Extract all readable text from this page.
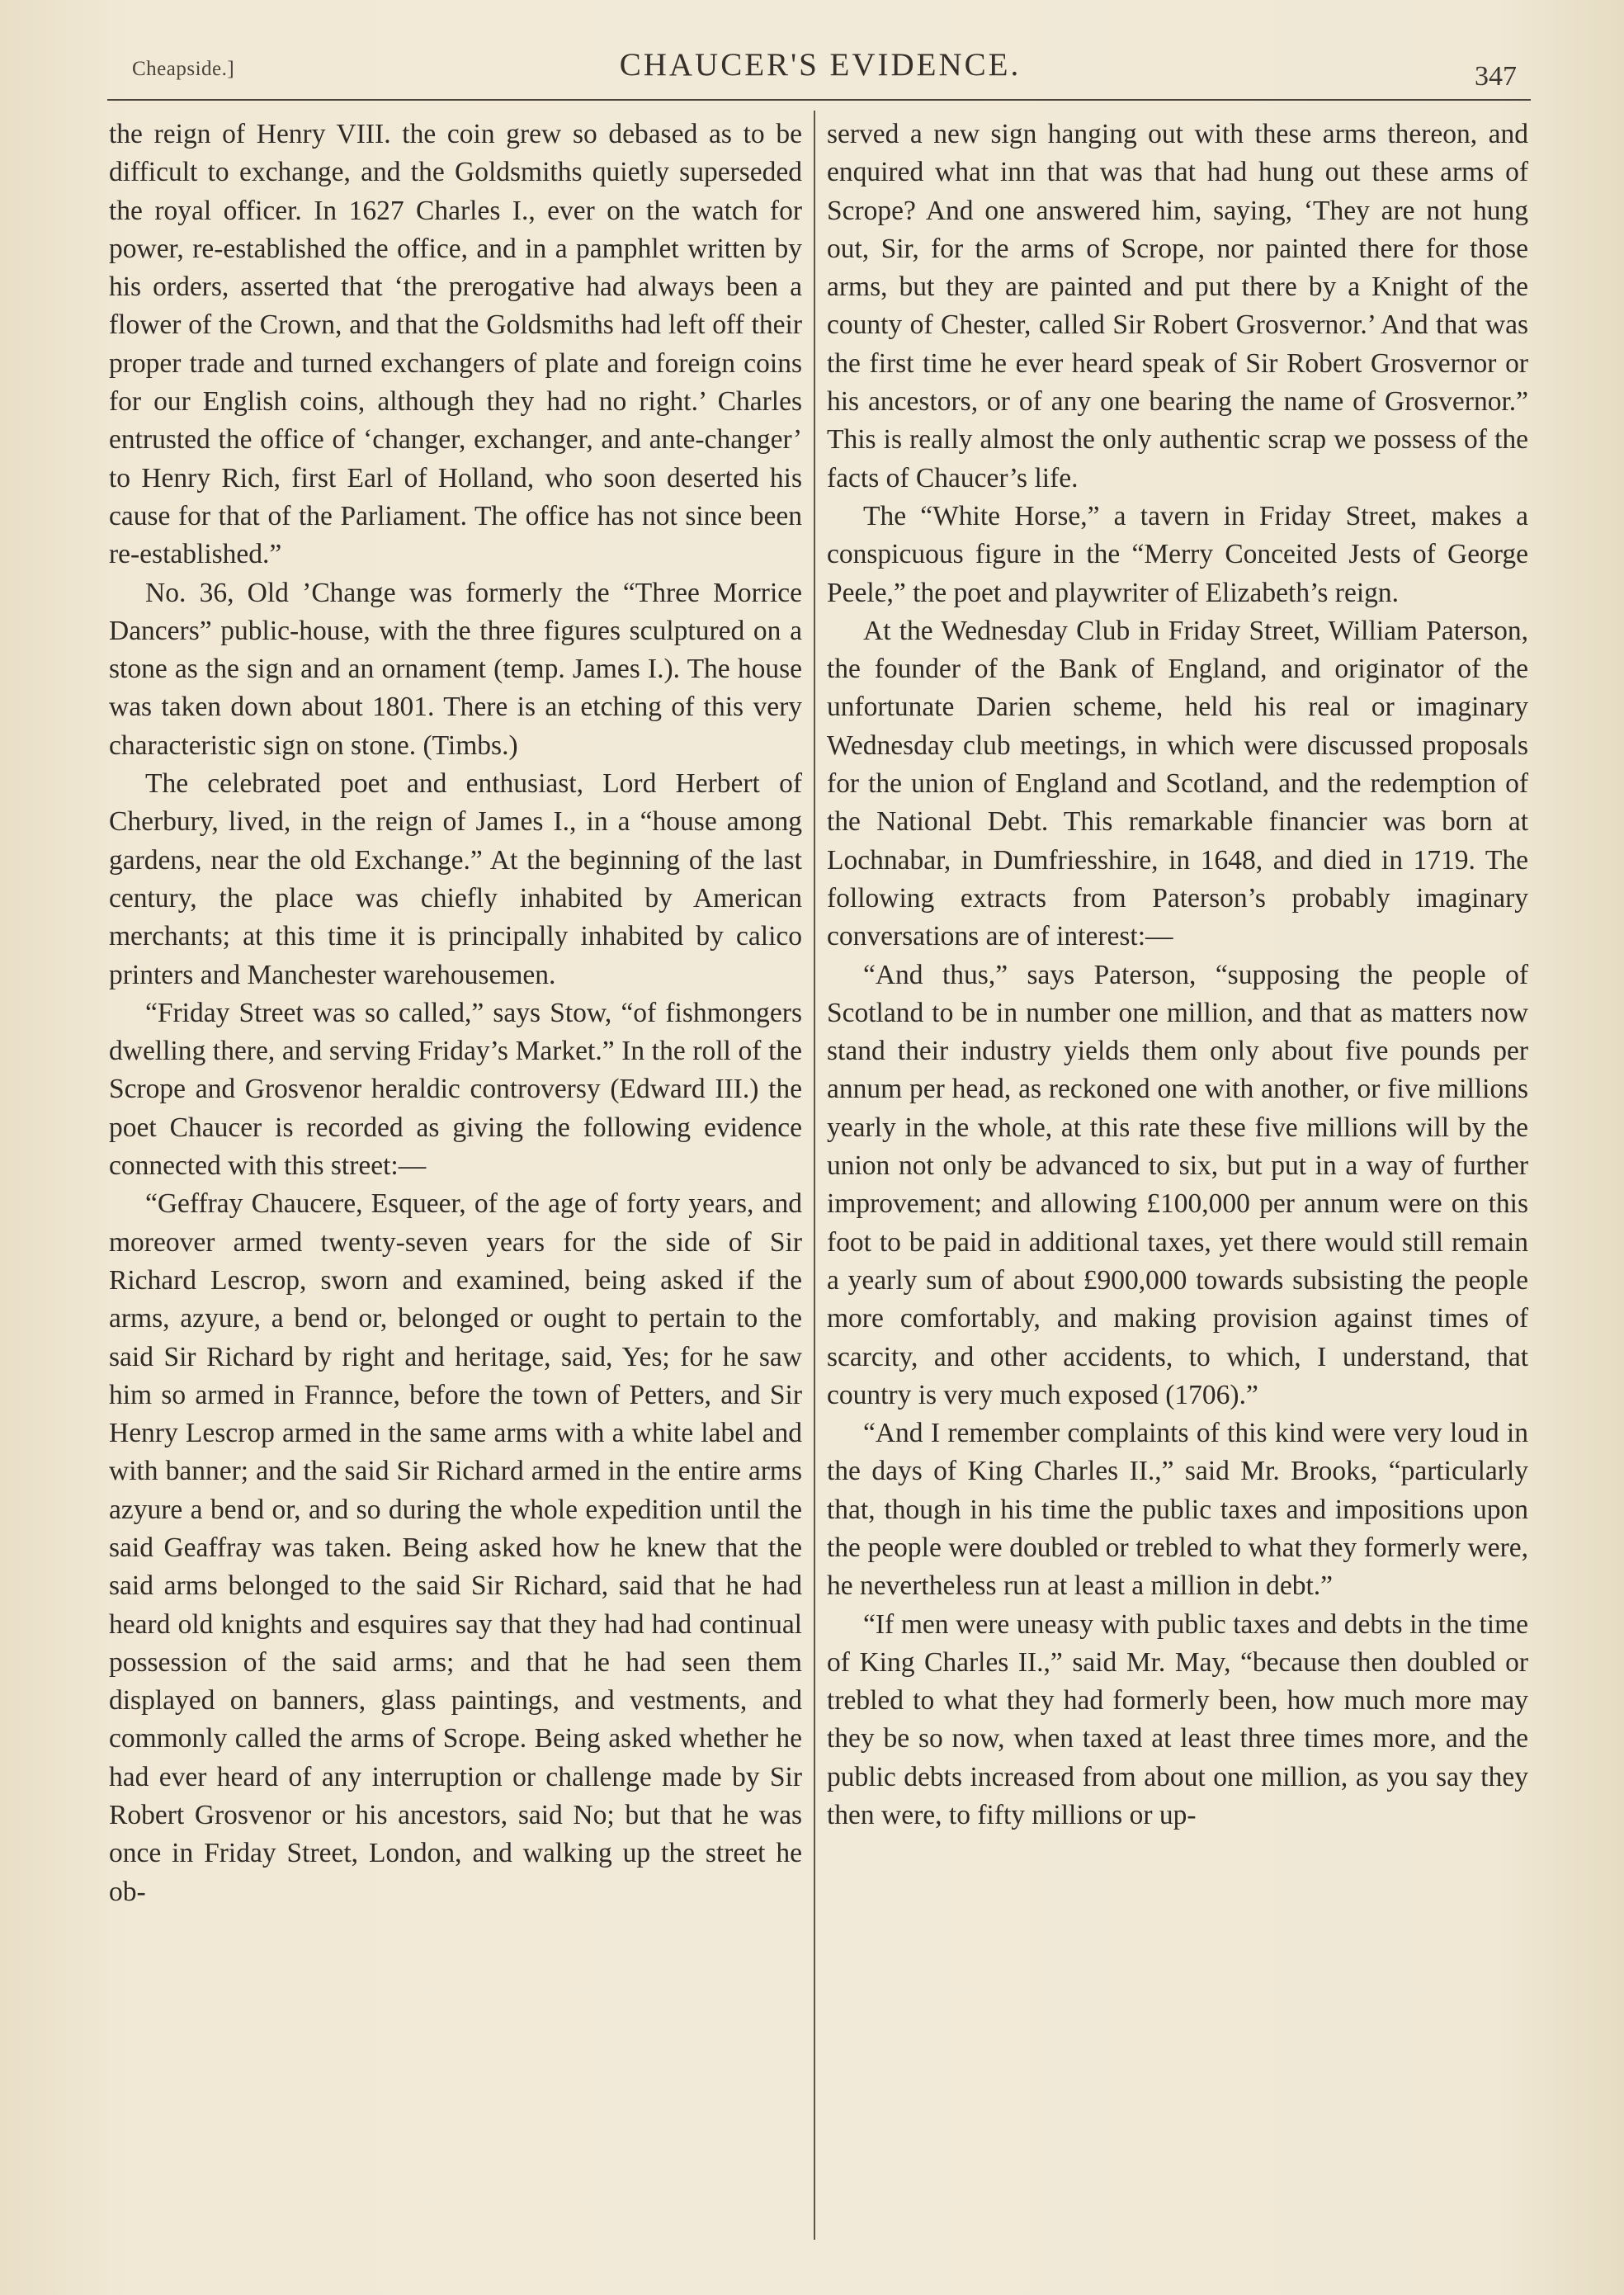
Cheapside.]	CHAUCER'S EVIDENCE.	347

the reign of Henry VIII. the coin grew so debased as to be difficult to exchange, and the Goldsmiths quietly superseded the royal officer. In 1627 Charles I., ever on the watch for power, re-established the office, and in a pamphlet written by his orders, asserted that ‘the prerogative had always been a flower of the Crown, and that the Goldsmiths had left off their proper trade and turned exchangers of plate and foreign coins for our English coins, although they had no right.’ Charles entrusted the office of ‘changer, exchanger, and ante-changer’ to Henry Rich, first Earl of Holland, who soon deserted his cause for that of the Parliament. The office has not since been re-established.”

No. 36, Old ’Change was formerly the “Three Morrice Dancers” public-house, with the three figures sculptured on a stone as the sign and an ornament (temp. James I.). The house was taken down about 1801. There is an etching of this very characteristic sign on stone. (Timbs.)

The celebrated poet and enthusiast, Lord Herbert of Cherbury, lived, in the reign of James I., in a “house among gardens, near the old Exchange.” At the beginning of the last century, the place was chiefly inhabited by American merchants; at this time it is principally inhabited by calico printers and Manchester warehousemen.

“Friday Street was so called,” says Stow, “of fishmongers dwelling there, and serving Friday’s Market.” In the roll of the Scrope and Grosvenor heraldic controversy (Edward III.) the poet Chaucer is recorded as giving the following evidence connected with this street:—

“Geffray Chaucere, Esqueer, of the age of forty years, and moreover armed twenty-seven years for the side of Sir Richard Lescrop, sworn and examined, being asked if the arms, azyure, a bend or, belonged or ought to pertain to the said Sir Richard by right and heritage, said, Yes; for he saw him so armed in Frannce, before the town of Petters, and Sir Henry Lescrop armed in the same arms with a white label and with banner; and the said Sir Richard armed in the entire arms azyure a bend or, and so during the whole expedition until the said Geaffray was taken. Being asked how he knew that the said arms belonged to the said Sir Richard, said that he had heard old knights and esquires say that they had had continual possession of the said arms; and that he had seen them displayed on banners, glass paintings, and vestments, and commonly called the arms of Scrope. Being asked whether he had ever heard of any interruption or challenge made by Sir Robert Grosvenor or his ancestors, said No; but that he was once in Friday Street, London, and walking up the street he ob-

served a new sign hanging out with these arms thereon, and enquired what inn that was that had hung out these arms of Scrope? And one answered him, saying, ‘They are not hung out, Sir, for the arms of Scrope, nor painted there for those arms, but they are painted and put there by a Knight of the county of Chester, called Sir Robert Grosvernor.’ And that was the first time he ever heard speak of Sir Robert Grosvernor or his ancestors, or of any one bearing the name of Grosvernor.” This is really almost the only authentic scrap we possess of the facts of Chaucer’s life.

The “White Horse,” a tavern in Friday Street, makes a conspicuous figure in the “Merry Conceited Jests of George Peele,” the poet and playwriter of Elizabeth’s reign.

At the Wednesday Club in Friday Street, William Paterson, the founder of the Bank of England, and originator of the unfortunate Darien scheme, held his real or imaginary Wednesday club meetings, in which were discussed proposals for the union of England and Scotland, and the redemption of the National Debt. This remarkable financier was born at Lochnabar, in Dumfriesshire, in 1648, and died in 1719. The following extracts from Paterson’s probably imaginary conversations are of interest:—

“And thus,” says Paterson, “supposing the people of Scotland to be in number one million, and that as matters now stand their industry yields them only about five pounds per annum per head, as reckoned one with another, or five millions yearly in the whole, at this rate these five millions will by the union not only be advanced to six, but put in a way of further improvement; and allowing £100,000 per annum were on this foot to be paid in additional taxes, yet there would still remain a yearly sum of about £900,000 towards subsisting the people more comfortably, and making provision against times of scarcity, and other accidents, to which, I understand, that country is very much exposed (1706).”

“And I remember complaints of this kind were very loud in the days of King Charles II.,” said Mr. Brooks, “particularly that, though in his time the public taxes and impositions upon the people were doubled or trebled to what they formerly were, he nevertheless run at least a million in debt.”

“If men were uneasy with public taxes and debts in the time of King Charles II.,” said Mr. May, “because then doubled or trebled to what they had formerly been, how much more may they be so now, when taxed at least three times more, and the public debts increased from about one million, as you say they then were, to fifty millions or up-
